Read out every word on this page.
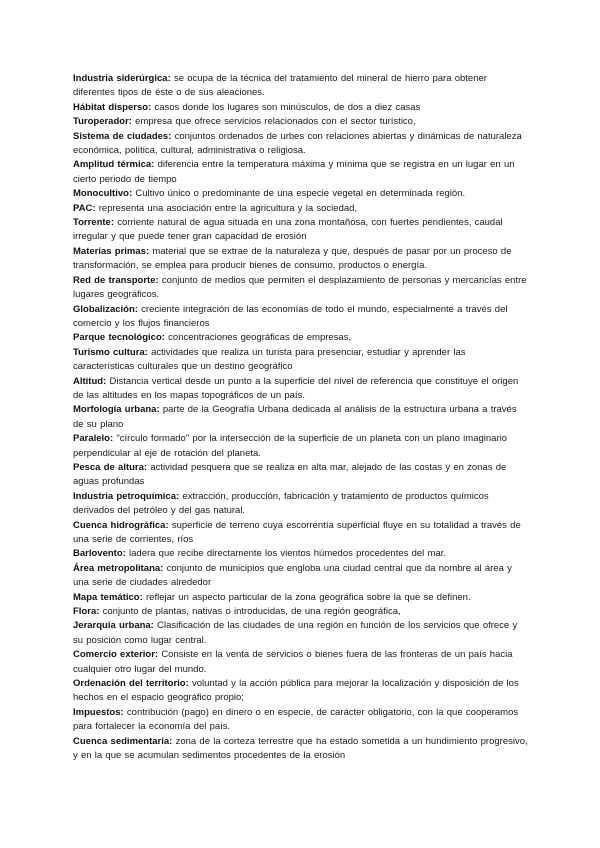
Industria siderúrgica: se ocupa de la técnica del tratamiento del mineral de hierro para obtener diferentes tipos de éste o de sus aleaciones.

Hábitat disperso: casos donde los lugares son minúsculos, de dos a diez casas

Turoperador: empresa que ofrece servicios relacionados con el sector turístico,

Sistema de ciudades: conjuntos ordenados de urbes con relaciones abiertas y dinámicas de naturaleza económica, política, cultural, administrativa o religiosa.

Amplitud térmica: diferencia entre la temperatura máxima y mínima que se registra en un lugar en un cierto periodo de tiempo

Monocultivo: Cultivo único o predominante de una especie vegetal en determinada región.

PAC: representa una asociación entre la agricultura y la sociedad,

Torrente: corriente natural de agua situada en una zona montañosa, con fuertes pendientes, caudal irregular y que puede tener gran capacidad de erosión

Materias primas: material que se extrae de la naturaleza y que, después de pasar por un proceso de transformación, se emplea para producir bienes de consumo, productos o energía.

Red de transporte: conjunto de medios que permiten el desplazamiento de personas y mercancías entre lugares geográficos.

Globalización: creciente integración de las economías de todo el mundo, especialmente a través del comercio y los flujos financieros

Parque tecnológico: concentraciones geográficas de empresas,

Turismo cultura: actividades que realiza un turista para presenciar, estudiar y aprender las características culturales que un destino geográfico

Altitud: Distancia vertical desde un punto a la superficie del nivel de referencia que constituye el origen de las altitudes en los mapas topográficos de un país.

Morfología urbana: parte de la Geografía Urbana dedicada al análisis de la estructura urbana a través de su plano

Paralelo: "círculo formado" por la intersección de la superficie de un planeta con un plano imaginario perpendicular al eje de rotación del planeta.

Pesca de altura: actividad pesquera que se realiza en alta mar, alejado de las costas y en zonas de aguas profundas

Industria petroquímica: extracción, producción, fabricación y tratamiento de productos químicos derivados del petróleo y del gas natural.

Cuenca hidrográfica: superficie de terreno cuya escorrentía superficial fluye en su totalidad a través de una serie de corrientes, ríos

Barlovento: ladera que recibe directamente los vientos húmedos procedentes del mar.

Área metropolitana: conjunto de municipios que engloba una ciudad central que da nombre al área y una serie de ciudades alrededor

Mapa temático: reflejar un aspecto particular de la zona geográfica sobre la que se definen.

Flora: conjunto de plantas, nativas o introducidas, de una región geográfica,

Jerarquía urbana: Clasificación de las ciudades de una región en función de los servicios que ofrece y su posición como lugar central.

Comercio exterior: Consiste en la venta de servicios o bienes fuera de las fronteras de un país hacia cualquier otro lugar del mundo.

Ordenación del territorio: voluntad y la acción pública para mejorar la localización y disposición de los hechos en el espacio geográfico propio;

Impuestos: contribución (pago) en dinero o en especie, de carácter obligatorio, con la que cooperamos para fortalecer la economía del país.

Cuenca sedimentaria: zona de la corteza terrestre que ha estado sometida a un hundimiento progresivo, y en la que se acumulan sedimentos procedentes de la erosión
